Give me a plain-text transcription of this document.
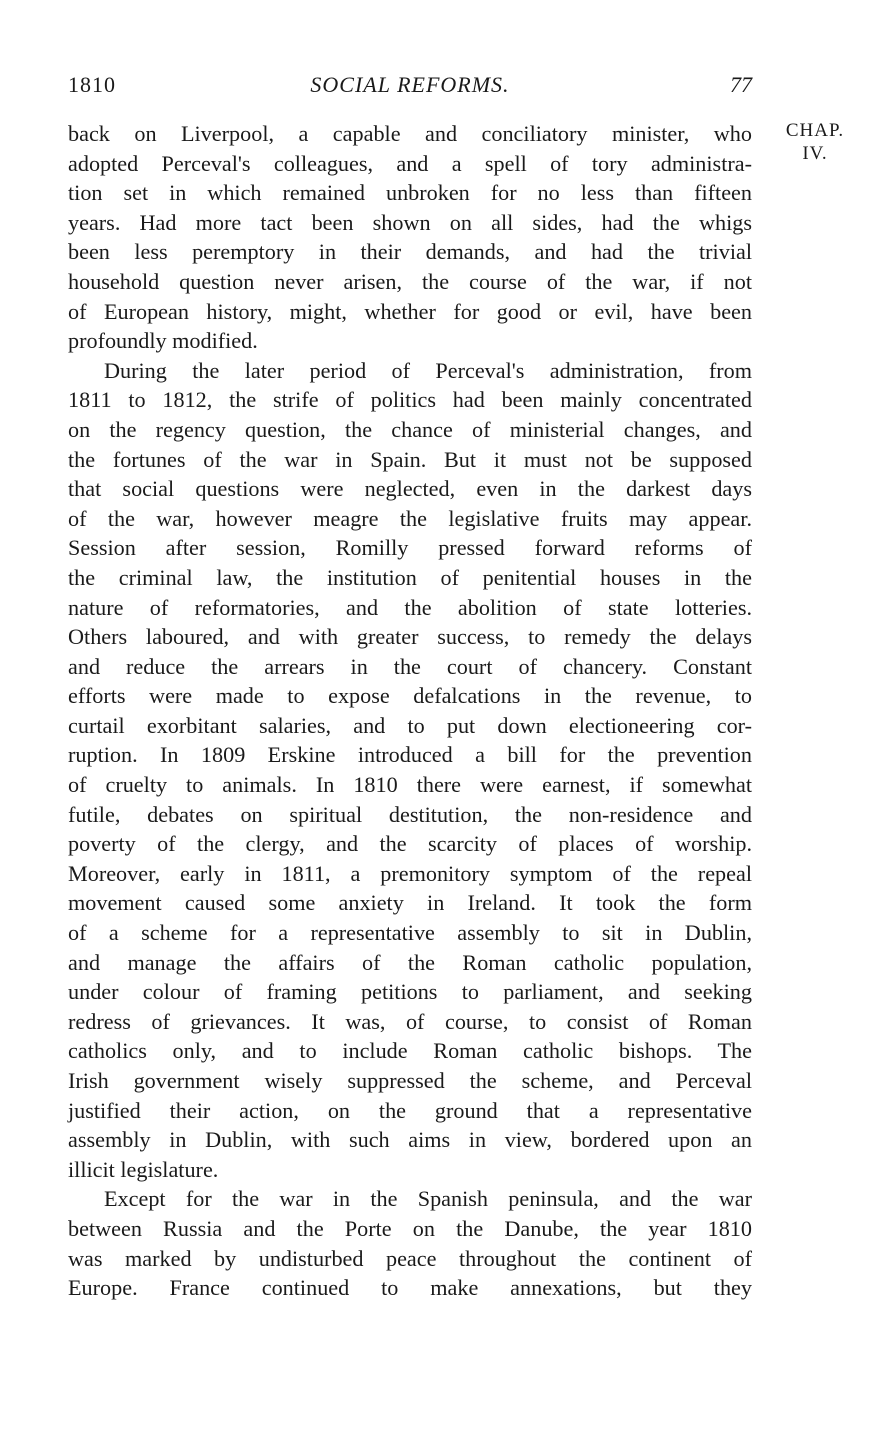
1810	SOCIAL REFORMS.	77
CHAP.
IV.
back on Liverpool, a capable and conciliatory minister, who
adopted Perceval's colleagues, and a spell of tory administra-
tion set in which remained unbroken for no less than fifteen
years. Had more tact been shown on all sides, had the whigs
been less peremptory in their demands, and had the trivial
household question never arisen, the course of the war, if not
of European history, might, whether for good or evil, have been
profoundly modified.
During the later period of Perceval's administration, from
1811 to 1812, the strife of politics had been mainly concentrated
on the regency question, the chance of ministerial changes, and
the fortunes of the war in Spain. But it must not be supposed
that social questions were neglected, even in the darkest days
of the war, however meagre the legislative fruits may appear.
Session after session, Romilly pressed forward reforms of
the criminal law, the institution of penitential houses in the
nature of reformatories, and the abolition of state lotteries.
Others laboured, and with greater success, to remedy the delays
and reduce the arrears in the court of chancery. Constant
efforts were made to expose defalcations in the revenue, to
curtail exorbitant salaries, and to put down electioneering cor-
ruption. In 1809 Erskine introduced a bill for the prevention
of cruelty to animals. In 1810 there were earnest, if somewhat
futile, debates on spiritual destitution, the non-residence and
poverty of the clergy, and the scarcity of places of worship.
Moreover, early in 1811, a premonitory symptom of the repeal
movement caused some anxiety in Ireland. It took the form
of a scheme for a representative assembly to sit in Dublin,
and manage the affairs of the Roman catholic population,
under colour of framing petitions to parliament, and seeking
redress of grievances. It was, of course, to consist of Roman
catholics only, and to include Roman catholic bishops. The
Irish government wisely suppressed the scheme, and Perceval
justified their action, on the ground that a representative
assembly in Dublin, with such aims in view, bordered upon an
illicit legislature.
Except for the war in the Spanish peninsula, and the war
between Russia and the Porte on the Danube, the year 1810
was marked by undisturbed peace throughout the continent of
Europe. France continued to make annexations, but they
